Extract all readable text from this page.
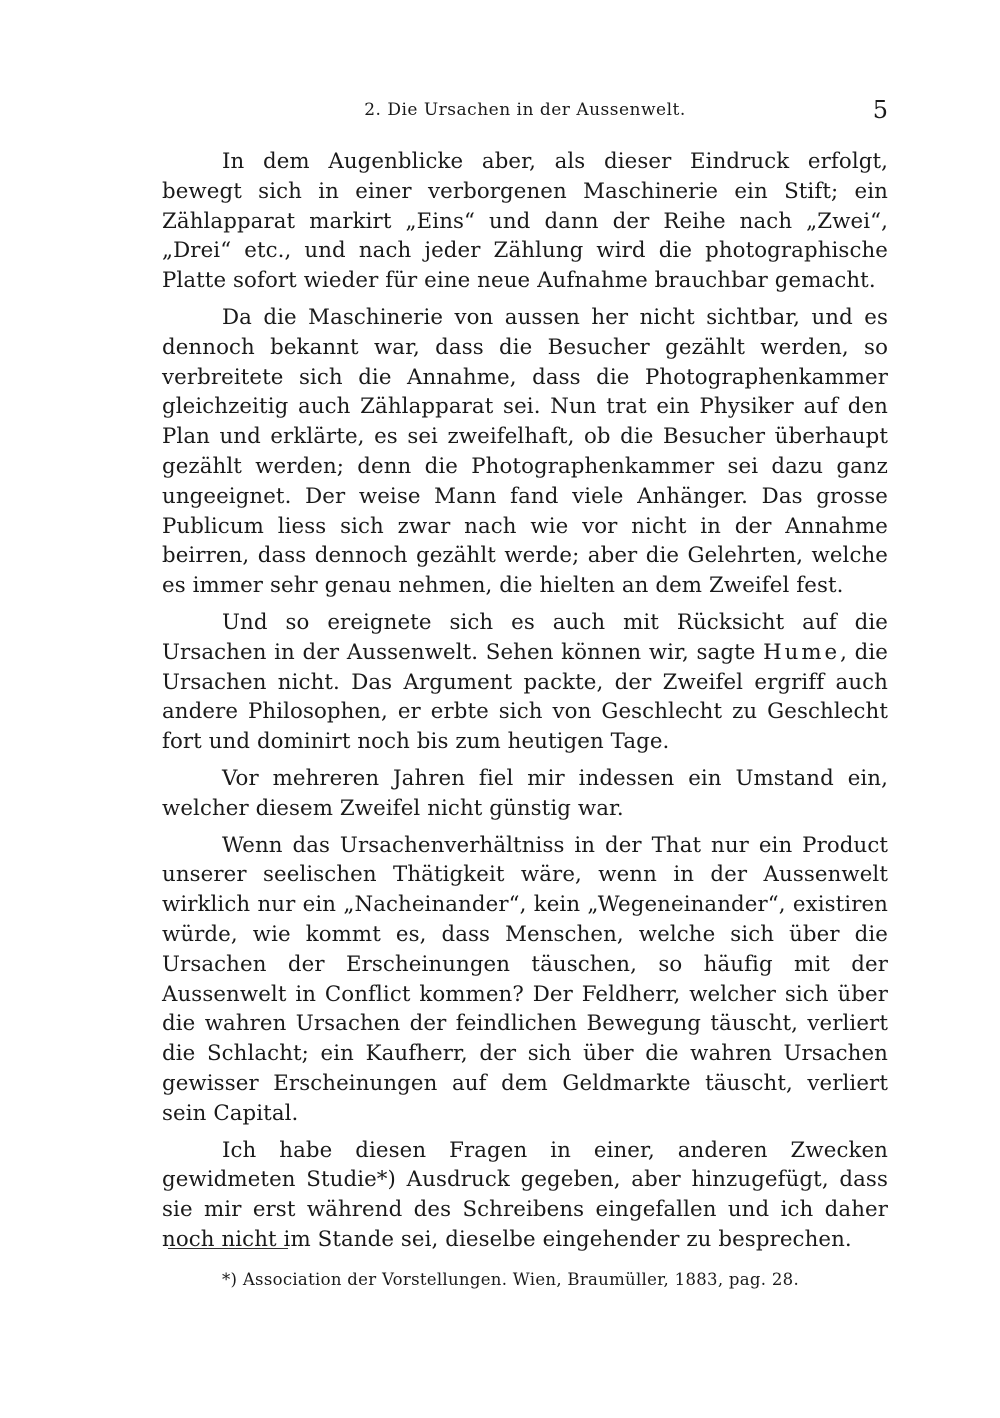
2. Die Ursachen in der Aussenwelt.	5

In dem Augenblicke aber, als dieser Eindruck erfolgt, bewegt sich in einer verborgenen Maschinerie ein Stift; ein Zählapparat markirt „Eins“ und dann der Reihe nach „Zwei“, „Drei“ etc., und nach jeder Zählung wird die photographische Platte sofort wieder für eine neue Aufnahme brauchbar gemacht.

Da die Maschinerie von aussen her nicht sichtbar, und es dennoch bekannt war, dass die Besucher gezählt werden, so verbreitete sich die Annahme, dass die Photographenkammer gleichzeitig auch Zählapparat sei. Nun trat ein Physiker auf den Plan und erklärte, es sei zweifelhaft, ob die Besucher überhaupt gezählt werden; denn die Photographenkammer sei dazu ganz ungeeignet. Der weise Mann fand viele Anhänger. Das grosse Publicum liess sich zwar nach wie vor nicht in der Annahme beirren, dass dennoch gezählt werde; aber die Gelehrten, welche es immer sehr genau nehmen, die hielten an dem Zweifel fest.

Und so ereignete sich es auch mit Rücksicht auf die Ursachen in der Aussenwelt. Sehen können wir, sagte Hume, die Ursachen nicht. Das Argument packte, der Zweifel ergriff auch andere Philosophen, er erbte sich von Geschlecht zu Geschlecht fort und dominirt noch bis zum heutigen Tage.

Vor mehreren Jahren fiel mir indessen ein Umstand ein, welcher diesem Zweifel nicht günstig war.

Wenn das Ursachenverhältniss in der That nur ein Product unserer seelischen Thätigkeit wäre, wenn in der Aussenwelt wirklich nur ein „Nacheinander“, kein „Wegeneinander“, existiren würde, wie kommt es, dass Menschen, welche sich über die Ursachen der Erscheinungen täuschen, so häufig mit der Aussenwelt in Conflict kommen? Der Feldherr, welcher sich über die wahren Ursachen der feindlichen Bewegung täuscht, verliert die Schlacht; ein Kaufherr, der sich über die wahren Ursachen gewisser Erscheinungen auf dem Geldmarkte täuscht, verliert sein Capital.

Ich habe diesen Fragen in einer, anderen Zwecken gewidmeten Studie*) Ausdruck gegeben, aber hinzugefügt, dass sie mir erst während des Schreibens eingefallen und ich daher noch nicht im Stande sei, dieselbe eingehender zu besprechen.

*) Association der Vorstellungen. Wien, Braumüller, 1883, pag. 28.
